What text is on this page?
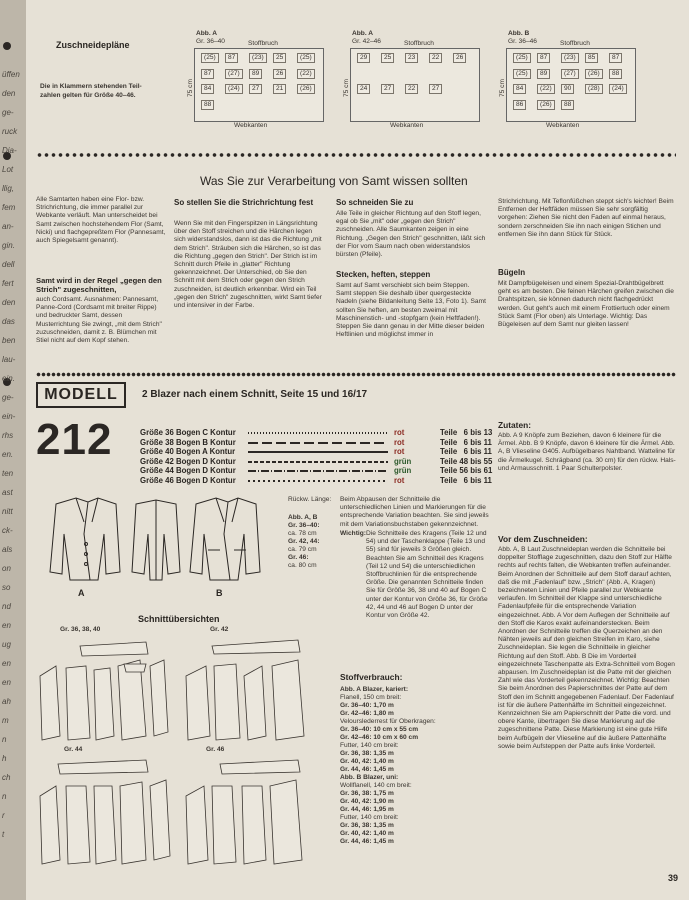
üffen
den
ge-
ruck
Dia-
Lot
llig,
fem
an-
gin.
dell
fert
den
das
ben
lau-
ein.
ge-
ein-
rhs
en.
ten
ast
nitt
ck-
als
on
so
nd
en
ug
en
en
ah
m
n
h
ch
n
r
t
Zuschneidepläne
Die in Klammern stehenden Teil-
zahlen gelten für Größe 40–46.
Abb. A
Gr. 36–40	Stoffbruch
(25)	87	(23)	25	(25)
87	(27)	89	26	(22)
84	(24)	27	21	(26)
88
75 cm
Webkanten
Abb. A
Gr. 42–46	Stoffbruch
29	25	23	22	26
24	27	22	27
75 cm
Webkanten
Abb. B
Gr. 36–46	Stoffbruch
(25)	87	(23)	85	87
(25)	89	(27)	(26)	88
84	(22)	90	(28)	(24)
86	(26)	88
75 cm
Webkanten
Was Sie zur Verarbeitung von Samt wissen sollten
Alle Samtarten haben eine Flor- bzw. Strichrichtung, die immer parallel zur Webkante verläuft. Man unterscheidet bei Samt zwischen hochstehendem Flor (Samt, Nicki) und flachgepreßtem Flor (Pannesamt, auch Spiegelsamt genannt).
Samt wird in der Regel „gegen den Strich" zugeschnitten,
auch Cordsamt. Ausnahmen: Pannesamt, Panne-Cord (Cordsamt mit breiter Rippe) und bedruckter Samt, dessen Musterrichtung Sie zwingt, „mit dem Strich" zuzuschneiden, damit z. B. Blümchen mit Stiel nicht auf dem Kopf stehen.
So stellen Sie die Strichrichtung fest
Wenn Sie mit den Fingerspitzen in Längsrichtung über den Stoff streichen und die Härchen legen sich widerstandslos, dann ist das die Richtung „mit dem Strich". Sträuben sich die Härchen, so ist das die Richtung „gegen den Strich". Der Strich ist im Schnitt durch Pfeile in „glatter" Richtung gekennzeichnet. Der Unterschied, ob Sie den Schnitt mit dem Strich oder gegen den Strich zuschneiden, ist deutlich erkennbar. Wird ein Teil „gegen den Strich" zugeschnitten, wirkt Samt tiefer und intensiver in der Farbe.
So schneiden Sie zu
Alle Teile in gleicher Richtung auf den Stoff legen, egal ob Sie „mit" oder „gegen den Strich" zuschneiden. Alle Saumkanten zeigen in eine Richtung. „Gegen den Strich" geschnitten, läßt sich der Flor vom Saum nach oben widerstandslos bürsten (Pfeile).
Stecken, heften, steppen
Samt auf Samt verschiebt sich beim Steppen. Samt steppen Sie deshalb über quergesteckte Nadeln (siehe Bildanleitung Seite 13, Foto 1). Samt sollten Sie heften, am besten zweimal mit Maschinenstich- und -stopfgarn (kein Heftfaden!). Steppen Sie dann genau in der Mitte dieser beiden Heftlinien und möglichst immer in
Strichrichtung. Mit Teflonfüßchen steppt sich's leichter! Beim Entfernen der Heftfäden müssen Sie sehr sorgfältig vorgehen: Ziehen Sie nicht den Faden auf einmal heraus, sondern zerschneiden Sie ihn nach einigen Stichen und entfernen Sie ihn dann Stück für Stück.
Bügeln
Mit Dampfbügeleisen und einem Spezial-Drahtbügelbrett geht es am besten. Die feinen Härchen greifen zwischen die Drahtspitzen, sie können dadurch nicht flachgedrückt werden. Gut geht's auch mit einem Frottiertuch oder einem Stück Samt (Flor oben) als Unterlage. Wichtig: Das Bügeleisen auf dem Samt nur gleiten lassen!
MODELL
212
2 Blazer nach einem Schnitt, Seite 15 und 16/17
Größe 36 Bogen C Kontur	rot	Teile   6 bis 13
Größe 38 Bogen B Kontur	rot	Teile   6 bis 11
Größe 40 Bogen A Kontur	rot	Teile   6 bis 11
Größe 42 Bogen D Kontur	grün	Teile 48 bis 55
Größe 44 Bogen D Kontur	grün	Teile 56 bis 61
Größe 46 Bogen D Kontur	rot	Teile   6 bis 11
A	B
Rückw. Länge:
Abb. A, B
Gr. 36–40:
ca. 78 cm
Gr. 42, 44:
ca. 79 cm
Gr. 46:
ca. 80 cm
Schnittübersichten
Gr. 36, 38, 40	Gr. 42
Gr. 44	Gr. 46
Beim Abpausen der Schnitteile die unterschiedlichen Linien und Markierungen für die entsprechende Variation beachten. Sie sind jeweils mit dem Variationsbuchstaben gekennzeichnet.
Wichtig: Die Schnitteile des Kragens (Teile 12 und 54) und der Taschenklappe (Teile 13 und 55) sind für jeweils 3 Größen gleich. Beachten Sie am Schnitteil des Kragens (Teil 12 und 54) die unterschiedlichen Stoffbruchlinien für die entsprechende Größe. Die genannten Schnitteile finden Sie für Größe 36, 38 und 40 auf Bogen C unter der Kontur von Größe 36, für Größe 42, 44 und 46 auf Bogen D unter der Kontur von Größe 42.
Stoffverbrauch:
Abb. A Blazer, kariert:
Flanell, 150 cm breit:
Gr. 36–40: 1,70 m
Gr. 42–46: 1,80 m
Velourslederrest für Oberkragen:
Gr. 36–40: 10 cm x 55 cm
Gr. 42–46: 10 cm x 60 cm
Futter, 140 cm breit:
Gr. 36, 38: 1,35 m
Gr. 40, 42: 1,40 m
Gr. 44, 46: 1,45 m
Abb. B Blazer, uni:
Wollflanell, 140 cm breit:
Gr. 36, 38: 1,75 m
Gr. 40, 42: 1,90 m
Gr. 44, 46: 1,95 m
Futter, 140 cm breit:
Gr. 36, 38: 1,35 m
Gr. 40, 42: 1,40 m
Gr. 44, 46: 1,45 m
Zutaten:
Abb. A 9 Knöpfe zum Beziehen, davon 6 kleinere für die Ärmel. Abb. B 9 Knöpfe, davon 6 kleinere für die Ärmel. Abb. A, B Vlieseline G405. Aufbügelbares Nahtband. Watteline für die Ärmelkugel. Schrägband (ca. 30 cm) für den rückw. Hals- und Armausschnitt. 1 Paar Schulterpolster.
Vor dem Zuschneiden:
Abb. A, B Laut Zuschneideplan werden die Schnitteile bei doppelter Stofflage zugeschnitten, dazu den Stoff zur Hälfte rechts auf rechts falten, die Webkanten treffen aufeinander. Beim Anordnen der Schnitteile auf dem Stoff darauf achten, daß die mit „Fadenlauf" bzw. „Strich" (Abb. A, Kragen) bezeichneten Linien und Pfeile parallel zur Webkante verlaufen. Im Schnitteil der Klappe sind unterschiedliche Fadenlaufpfeile für die entsprechende Variation eingezeichnet. Abb. A Vor dem Auflegen der Schnitteile auf den Stoff die Karos exakt aufeinanderstecken. Beim Anordnen der Schnitteile treffen die Querzeichen an den Nähten jeweils auf den gleichen Streifen im Karo, siehe Zuschneideplan. Sie legen die Schnitteile in gleicher Richtung auf den Stoff. Abb. B Die im Vorderteil eingezeichnete Taschenpatte als Extra-Schnitteil vom Bogen abpausen. Im Zuschneideplan ist die Patte mit der gleichen Zahl wie das Vorderteil gekennzeichnet. Wichtig: Beachten Sie beim Anordnen des Papierschnittes der Patte auf dem Stoff den im Schnitt angegebenen Fadenlauf. Der Fadenlauf ist für die äußere Pattenhälfte im Schnitteil eingezeichnet. Kennzeichnen Sie am Papierschnitt der Patte die vord. und obere Kante, übertragen Sie diese Markierung auf die zugeschnittene Patte. Diese Markierung ist eine gute Hilfe beim Aufbügeln der Vlieseline auf die äußere Pattenhälfte sowie beim Aufsteppen der Patte aufs linke Vorderteil.
39
